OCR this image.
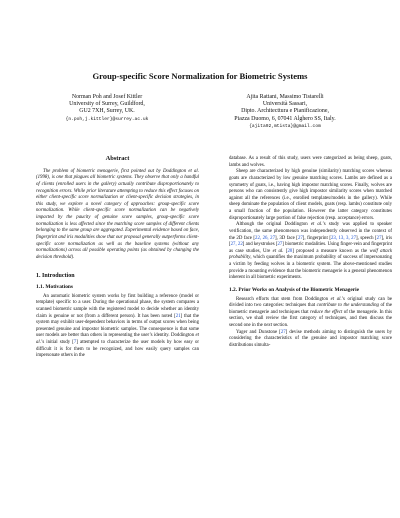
Group-specific Score Normalization for Biometric Systems
Norman Poh and Josef Kittler
University of Surrey, Guildford,
GU2 7XH, Surrey, UK.
{n.poh,j.kittler}@surrey.ac.uk
Ajita Rattani, Massimo Tistarelli
Università Sassari,
Dipto. Architecttura e Pianificazione,
Piazza Duomo, 6, 07041 Alghero SS, Italy.
{ajita92,mtista}@gmail.com
Abstract

The problem of biometric menagerie, first pointed out by Doddington et al. (1998), is one that plagues all biometric systems. They observe that only a handful of clients (enrolled users in the gallery) actually contribute disproportionately to recognition errors. While prior literature attempting to reduce this effect focuses on either client-specific score normalization or client-specific decision strategies, in this study, we explore a novel category of approaches: group-specific score normalization. While client-specific score normalization can be negatively impacted by the paucity of genuine score samples, group-specific score normalization is less affected since the matching score samples of different clients belonging to the same group are aggregated. Experimental evidence based on face, fingerprint and iris modalities show that our proposal generally outperforms client-specific score normalization as well as the baseline systems (without any normalizations) across all possible operating points (as obtained by changing the decision threshold).

1. Introduction
1.1. Motivations

An automatic biometric system works by first building a reference (model or template) specific to a user. During the operational phase, the system compares a scanned biometric sample with the registered model to decide whether an identity claim is genuine or not (from a different person). It has been noted [21] that the system may exhibit user-dependent behaviors in terms of output scores when being presented genuine and impostor biometric samples. The consequence is that some user models are better than others in representing the user’s identity. Doddington et al.’s initial study [7] attempted to characterize the user models by how easy or difficult it is for them to be recognized, and how easily query samples can impersonate others in the

database. As a result of this study, users were categorized as being sheep, goats, lambs and wolves.

Sheep are characterized by high genuine (similarity) matching scores whereas goats are characterized by low genuine matching scores. Lambs are defined as a symmetry of goats, i.e., having high impostor matching scores. Finally, wolves are persons who can consistently give high impostor similarity scores when matched against all the references (i.e., enrolled templates/models in the gallery). While sheep dominate the population of client models, goats (resp. lambs) constitute only a small fraction of the population. However the latter category constitutes disproportionately large portion of false rejection (resp. acceptance) errors.

Although the original Doddington et al.’s study was applied to speaker verification, the same phenomenon was independently observed in the context of the 2D face [22, 26, 27], 3D face [27], fingerprint [23, 13, 3, 27], speech [27], iris [27, 22] and keystrokes [27] biometric modalities. Using finger-vein and fingerprint as case studies, Ure et al. [28] proposed a measure known as the wolf attack probability, which quantifies the maximum probability of success of impersonating a victim by feeding wolves in a biometric system. The above-mentioned studies provide a mounting evidence that the biometric menagerie is a general phenomenon inherent in all biometric experiments.

1.2. Prior Works on Analysis of the Biometric Menagerie

Research efforts that stem from Doddington et al.’s original study can be divided into two categories: techniques that contribute to the understanding of the biometric menagerie and techniques that reduce the effect of the menagerie. In this section, we shall review the first category of techniques, and then discuss the second one in the next section.

Yager and Dunstone [27] devise methods aiming to distinguish the users by considering the characteristics of the genuine and impostor matching score distributions simulta-
